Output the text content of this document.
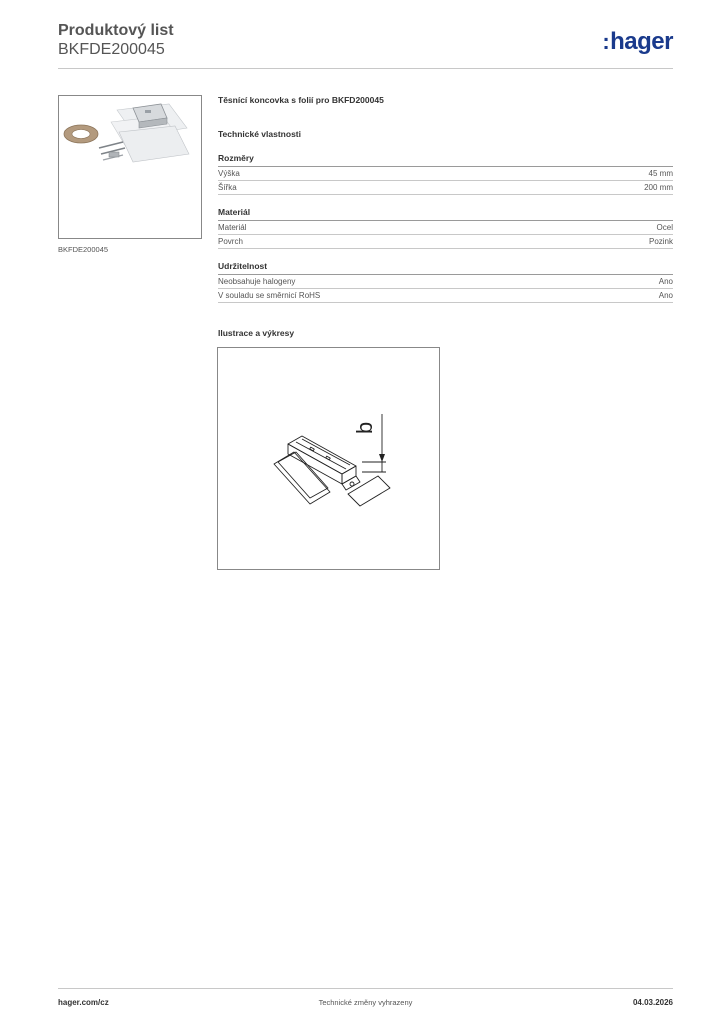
Produktový list
BKFDE200045	:hager
BKFDE200045
Těsnící koncovka s folií pro BKFD200045
Technické vlastnosti
Rozměry
Výška	45 mm
Šířka	200 mm
Materiál
Materiál	Ocel
Povrch	Pozink
Udržitelnost
Neobsahuje halogeny	Ano
V souladu se směrnicí RoHS	Ano
Ilustrace a výkresy
b
hager.com/cz	Technické změny vyhrazeny	04.03.2026
